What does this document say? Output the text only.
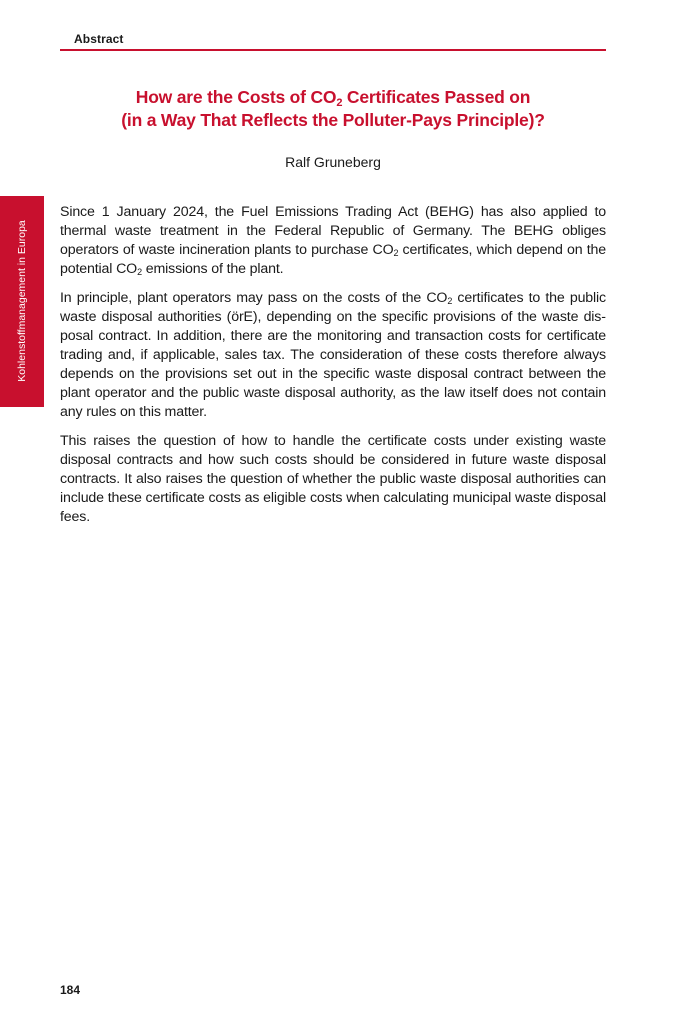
Abstract
Kohlenstoffmanagement in Europa
How are the Costs of $CO_2$ Certificates Passed on
(in a Way That Reflects the Polluter-Pays Principle)?
Ralf Gruneberg

Since 1 January 2024, the Fuel Emissions Trading Act (BEHG) has also applied to thermal waste treatment in the Federal Republic of Germany. The BEHG obliges operators of waste incineration plants to purchase $CO_2$ certificates, which depend on the potential $CO_2$ emissions of the plant.

In principle, plant operators may pass on the costs of the $CO_2$ certificates to the public waste disposal authorities (örE), depending on the specific provisions of the waste disposal contract. In addition, there are the monitoring and transaction costs for certificate trading and, if applicable, sales tax. The consideration of these costs therefore always depends on the provisions set out in the specific waste disposal contract between the plant operator and the public waste disposal authority, as the law itself does not contain any rules on this matter.

This raises the question of how to handle the certificate costs under existing waste disposal contracts and how such costs should be considered in future waste disposal contracts. It also raises the question of whether the public waste disposal authorities can include these certificate costs as eligible costs when calculating municipal waste disposal fees.

184
